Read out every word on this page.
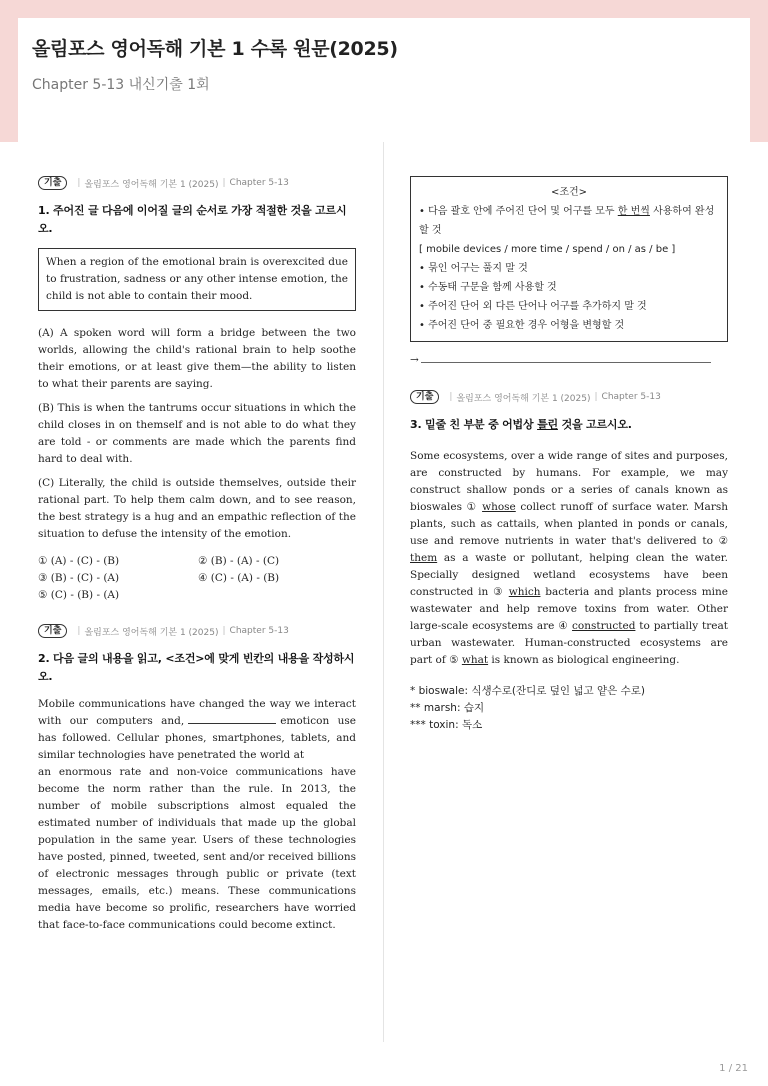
올림포스 영어독해 기본 1 수록 원문(2025)
Chapter 5-13 내신기출 1회
기출	| 올림포스 영어독해 기본 1 (2025) | Chapter 5-13
1. 주어진 글 다음에 이어질 글의 순서로 가장 적절한 것을 고르시오.
When a region of the emotional brain is overexcited due to frustration, sadness or any other intense emotion, the child is not able to contain their mood.
(A) A spoken word will form a bridge between the two worlds, allowing the child's rational brain to help soothe their emotions, or at least give them—the ability to listen to what their parents are saying.
(B) This is when the tantrums occur situations in which the child closes in on themself and is not able to do what they are told - or comments are made which the parents find hard to deal with.
(C) Literally, the child is outside themselves, outside their rational part. To help them calm down, and to see reason, the best strategy is a hug and an empathic reflection of the situation to defuse the intensity of the emotion.
① (A) - (C) - (B)	② (B) - (A) - (C)
③ (B) - (C) - (A)	④ (C) - (A) - (B)
⑤ (C) - (B) - (A)
기출	| 올림포스 영어독해 기본 1 (2025) | Chapter 5-13
2. 다음 글의 내용을 읽고, <조건>에 맞게 빈칸의 내용을 작성하시오.
Mobile communications have changed the way we interact with our computers and,	emoticon use has followed. Cellular phones, smartphones, tablets, and similar technologies have penetrated the world at
an enormous rate and non-voice communications have become the norm rather than the rule. In 2013, the number of mobile subscriptions almost equaled the estimated number of individuals that made up the global population in the same year. Users of these technologies have posted, pinned, tweeted, sent and/or received billions of electronic messages through public or private (text messages, emails, etc.) means. These communications media have become so prolific, researchers have worried that face-to-face communications could become extinct.
<조건>
• 다음 괄호 안에 주어진 단어 및 어구를 모두 한 번씩 사용하여 완성할 것
[ mobile devices / more time / spend / on / as / be ]
• 묶인 어구는 풀지 말 것
• 수동태 구문을 함께 사용할 것
• 주어진 단어 외 다른 단어나 어구를 추가하지 말 것
• 주어진 단어 중 필요한 경우 어형을 변형할 것
→
기출	| 올림포스 영어독해 기본 1 (2025) | Chapter 5-13
3. 밑줄 친 부분 중 어법상 틀린 것을 고르시오.
Some ecosystems, over a wide range of sites and purposes, are constructed by humans. For example, we may construct shallow ponds or a series of canals known as bioswales ① whose collect runoff of surface water. Marsh plants, such as cattails, when planted in ponds or canals, use and remove nutrients in water that's delivered to ② them as a waste or pollutant, helping clean the water. Specially designed wetland ecosystems have been constructed in ③ which bacteria and plants process mine wastewater and help remove toxins from water. Other large-scale ecosystems are ④ constructed to partially treat urban wastewater. Human-constructed ecosystems are part of ⑤ what is known as biological engineering.
* bioswale: 식생수로(잔디로 덮인 넓고 얕은 수로)
** marsh: 습지
*** toxin: 독소
1 / 21
